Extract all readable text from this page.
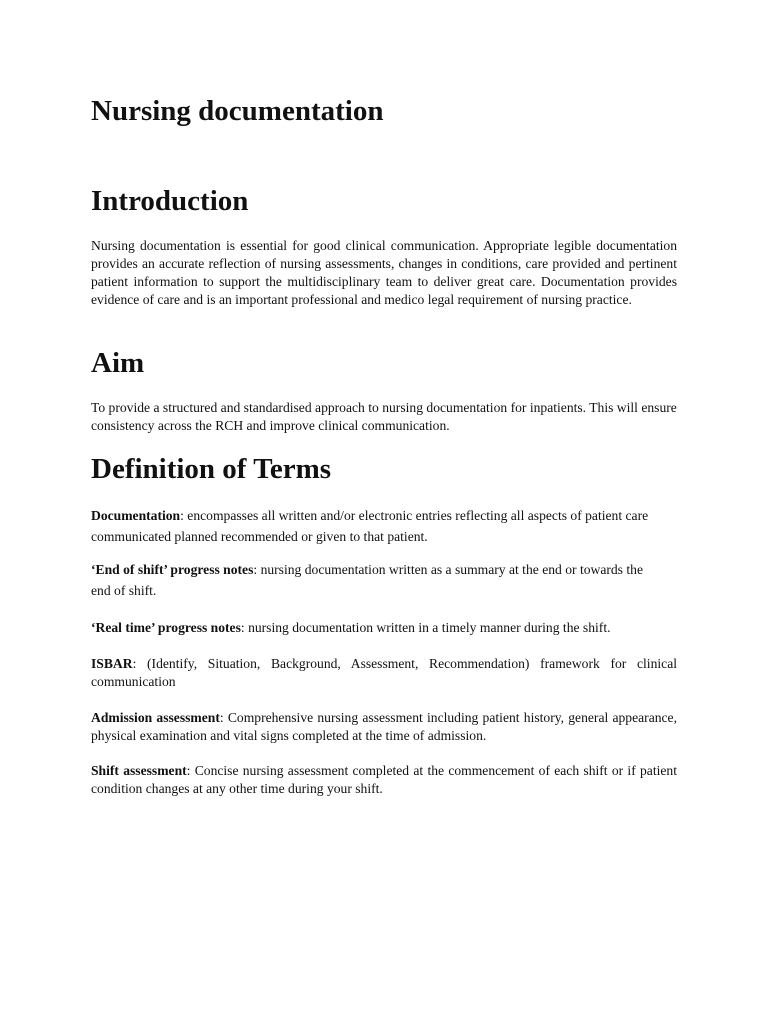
Nursing documentation
Introduction

Nursing documentation is essential for good clinical communication. Appropriate legible documentation provides an accurate reflection of nursing assessments, changes in conditions, care provided and pertinent patient information to support the multidisciplinary team to deliver great care. Documentation provides evidence of care and is an important professional and medico legal requirement of nursing practice.

Aim

To provide a structured and standardised approach to nursing documentation for inpatients. This will ensure consistency across the RCH and improve clinical communication.

Definition of Terms

Documentation: encompasses all written and/or electronic entries reflecting all aspects of patient care communicated planned recommended or given to that patient.

‘End of shift’ progress notes: nursing documentation written as a summary at the end or towards the end of shift.

‘Real time’ progress notes: nursing documentation written in a timely manner during the shift.

ISBAR: (Identify, Situation, Background, Assessment, Recommendation) framework for clinical communication

Admission assessment: Comprehensive nursing assessment including patient history, general appearance, physical examination and vital signs completed at the time of admission.

Shift assessment: Concise nursing assessment completed at the commencement of each shift or if patient condition changes at any other time during your shift.
